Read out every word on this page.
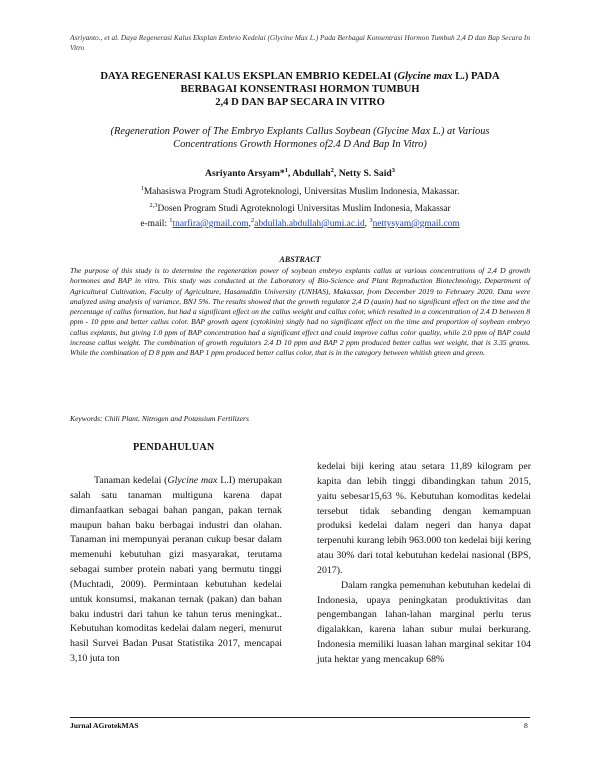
Asriyanto., et al. Daya Regenerasi Kalus Eksplan Embrio Kedelai (Glycine Max L.) Pada Berbagai Konsentrasi Hormon Tumbuh 2,4 D dan Bap Secara In Vitro
DAYA REGENERASI KALUS EKSPLAN EMBRIO KEDELAI (Glycine max L.) PADA
BERBAGAI KONSENTRASI HORMON TUMBUH
2,4 D DAN BAP SECARA IN VITRO
(Regeneration Power of The Embryo Explants Callus Soybean (Glycine Max L.) at Various
Concentrations Growth Hormones of2.4 D And Bap In Vitro)
Asriyanto Arsyam*$^1$, Abdullah$^2$, Netty S. Said$^3$
$^1$Mahasiswa Program Studi Agroteknologi, Universitas Muslim Indonesia, Makassar.
$^{2,3}$Dosen Program Studi Agroteknologi Universitas Muslim Indonesia, Makassar
e-mail: $^1$tnarfira@gmail.com,$^2$abdullah.abdullah@umi.ac.id, $^3$nettysyam@gmail.com
ABSTRACT
The purpose of this study is to determine the regeneration power of soybean embryo explants callus at various concentrations of 2,4 D growth hormones and BAP in vitro. This study was conducted at the Laboratory of Bio-Science and Plant Reproduction Biotechnology, Department of Agricultural Cultivation, Faculty of Agriculture, Hasanuddin University (UNHAS), Makassar, from December 2019 to February 2020. Data were analyzed using analysis of variance, BNJ 5%. The results showed that the growth regulator 2,4 D (auxin) had no significant effect on the time and the percentage of callus formation, but had a significant effect on the callus weight and callus color, which resulted in a concentration of 2.4 D between 8 ppm - 10 ppm and better callus color. BAP growth agent (cytokinin) singly had no significant effect on the time and proportion of soybean embryo callus explants, but giving 1.0 ppm of BAP concentration had a significant effect and could improve callus color quality, while 2.0 ppm of BAP could increase callus weight. The combination of growth regulators 2.4 D 10 ppm and BAP 2 ppm produced better callus wet weight, that is 3.35 grams. While the combination of D 8 ppm and BAP 1 ppm produced better callus color, that is in the category between whitish green and green.
Keywords: Chili Plant, Nitrogen and Potassium Fertilizers
PENDAHULUAN

Tanaman kedelai (Glycine max L.I) merupakan salah satu tanaman multiguna karena dapat dimanfaatkan sebagai bahan pangan, pakan ternak maupun bahan baku berbagai industri dan olahan. Tanaman ini mempunyai peranan cukup besar dalam memenuhi kebutuhan gizi masyarakat, terutama sebagai sumber protein nabati yang bermutu tinggi (Muchtadi, 2009). Permintaan kebutuhan kedelai untuk konsumsi, makanan ternak (pakan) dan bahan baku industri dari tahun ke tahun terus meningkat.. Kebutuhan komoditas kedelai dalam negeri, menurut hasil Survei Badan Pusat Statistika 2017, mencapai 3,10 juta ton

kedelai biji kering atau setara 11,89 kilogram per kapita dan lebih tinggi dibandingkan tahun 2015, yaitu sebesar15,63 %. Kebutuhan komoditas kedelai tersebut tidak sebanding dengan kemampuan produksi kedelai dalam negeri dan hanya dapat terpenuhi kurang lebih 963.000 ton kedelai biji kering atau 30% dari total kebutuhan kedelai nasional (BPS, 2017).

Dalam rangka pemenuhan kebutuhan kedelai di Indonesia, upaya peningkatan produktivitas dan pengembangan lahan-lahan marginal perlu terus digalakkan, karena lahan subur mulai berkurang. Indonesia memiliki luasan lahan marginal sekitar 104 juta hektar yang mencakup 68%

Jurnal AGrotekMAS	8
